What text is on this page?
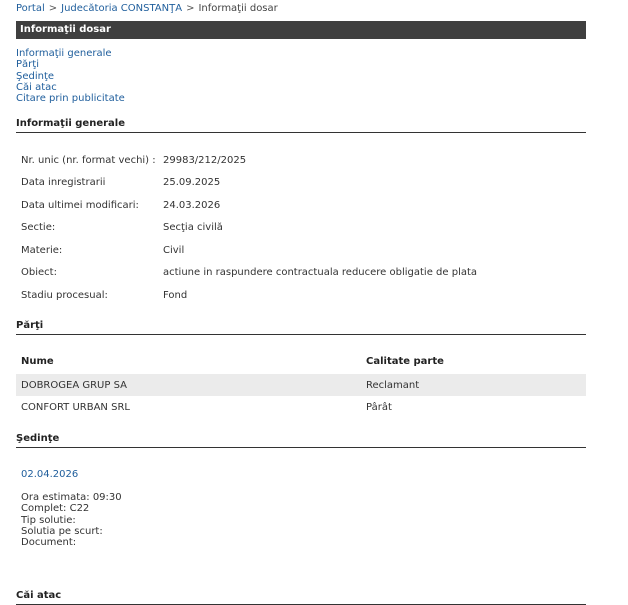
Portal > Judecătoria CONSTANŢA > Informaţii dosar
Informaţii dosar
Informaţii generale
Părţi
Şedinţe
Căi atac
Citare prin publicitate
Informaţii generale
Nr. unic (nr. format vechi) : 29983/212/2025
Data inregistrarii	25.09.2025
Data ultimei modificari: 24.03.2026
Sectie:	Secţia civilă
Materie:	Civil
Obiect:	actiune in raspundere contractuala reducere obligatie de plata
Stadiu procesual:	Fond
Părţi
Nume	Calitate parte
DOBROGEA GRUP SA	Reclamant
CONFORT URBAN SRL	Pârât
Şedinţe
02.04.2026
Ora estimata: 09:30
Complet: C22
Tip solutie:
Solutia pe scurt:
Document:
Căi atac
